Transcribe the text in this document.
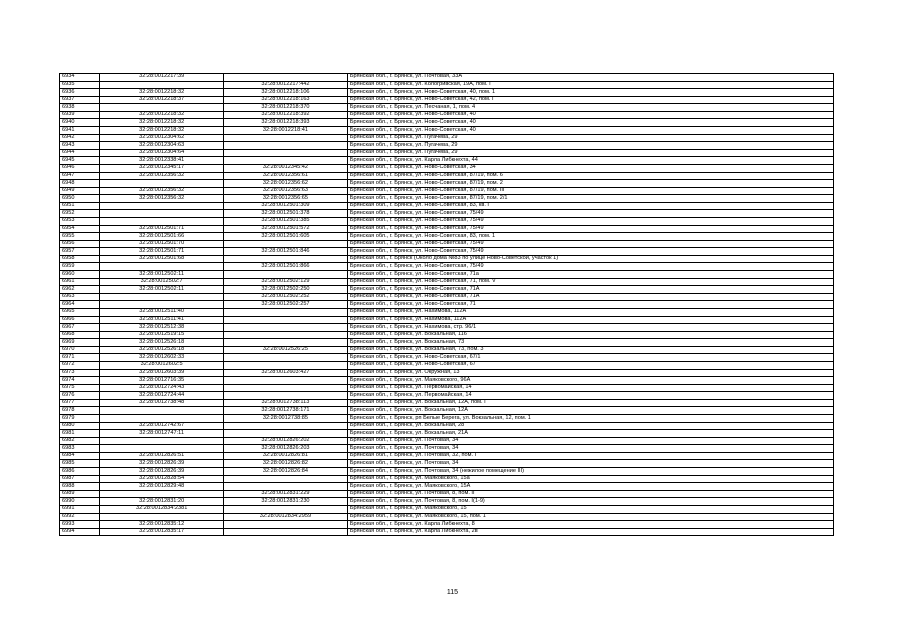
6934	32:28:0012217:39		Брянская обл., г. Брянск, ул. Почтовая, 33А
6935		32:28:0012217:442	Брянская обл., г. Брянск, ул. Кологривская, 19А, пом. I
6936	32:28:0012218:32	32:28:0012218:106	Брянская обл., г. Брянск, ул. Ново-Советская, 40, пом. 1
6937	32:28:0012218:37	32:28:0012218:163	Брянская обл., г. Брянск, ул. Ново-Советская, 42, пом. I
6938		32:28:0012218:370	Брянская обл., г. Брянск, ул. Песчаная, 1, пом. 4
6939	32:28:0012218:32	32:28:0012218:392	Брянская обл., г. Брянск, ул. Ново-Советская, 40
6940	32:28:0012218:32	32:28:0012218:393	Брянская обл., г. Брянск, ул. Ново-Советская, 40
6941	32:28:0012218:32	32:28:0012218:41	Брянская обл., г. Брянск, ул. Ново-Советская, 40
6942	32:28:0012304:62		Брянская обл., г. Брянск, ул. Пугачева, 29
6943	32:28:0012304:63		Брянская обл., г. Брянск, ул. Пугачева, 29
6944	32:28:0012304:64		Брянская обл., г. Брянск, ул. Пугачева, 29
6945	32:28:0012338:41		Брянская обл., г. Брянск, ул. Карла Либкнехта, 44
6946	32:28:0012345:17	32:28:0012345:42	Брянская обл., г. Брянск, ул. Ново-Советская, 34
6947	32:28:0012356:32	32:28:0012356:61	Брянская обл., г. Брянск, ул. Ново-Советская, 87/19, пом. 6
6948		32:28:0012356:62	Брянская обл., г. Брянск, ул. Ново-Советская, 87/19, пом. 2
6949	32:28:0012356:32	32:28:0012356:63	Брянская обл., г. Брянск, ул. Ново-Советская, 87/19, пом. III
6950	32:28:0012356:32	32:28:0012356:65	Брянская обл., г. Брянск, ул. Ново-Советская, 87/19, пом. 2/1
6951		32:28:0012501:309	Брянская обл., г. Брянск, ул. Ново-Советская, 83, кв. I
6952		32:28:0012501:378	Брянская обл., г. Брянск, ул. Ново-Советская, 75/49
6953		32:28:0012501:385	Брянская обл., г. Брянск, ул. Ново-Советская, 75/49
6954	32:28:0012501:71	32:28:0012501:572	Брянская обл., г. Брянск, ул. Ново-Советская, 75/49
6955	32:28:0012501:66	32:28:0012501:605	Брянская обл., г. Брянск, ул. Ново-Советская, 83, пом. 1
6956	32:28:0012501:70		Брянская обл., г. Брянск, ул. Ново-Советская, 75/49
6957	32:28:0012501:71	32:28:0012501:846	Брянская обл., г. Брянск, ул. Ново-Советская, 75/49
6958	32:28:0012501:68		Брянская обл., г. Брянск (Около дома №83 по улице Ново-Советской, участок 1)
6959		32:28:0012501:866	Брянская обл., г. Брянск, ул. Ново-Советская, 75/49
6960	32:28:0012502:11		Брянская обл., г. Брянск, ул. Ново-Советская, 71а
6961	32:28:0012502:7	32:28:0012502:129	Брянская обл., г. Брянск, ул. Ново-Советская, 71, пом. V
6962	32:28:0012502:11	32:28:0012502:250	Брянская обл., г. Брянск, ул. Ново-Советская, 71А
6963		32:28:0012502:252	Брянская обл., г. Брянск, ул. Ново-Советская, 71А
6964		32:28:0012502:257	Брянская обл., г. Брянск, ул. Ново-Советская, 71
6965	32:28:0012511:40		Брянская обл., г. Брянск, ул. Нахимова, 112А
6966	32:28:0012511:41		Брянская обл., г. Брянск, ул. Нахимова, 112А
6967	32:28:0012512:38		Брянская обл., г. Брянск, ул. Нахимова, стр. 96/1
6968	32:28:0012519:15		Брянская обл., г. Брянск, ул. Вокзальная, 116
6969	32:28:0012526:18		Брянская обл., г. Брянск, ул. Вокзальная, 73
6970	32:28:0012526:18	32:28:0012526:25	Брянская обл., г. Брянск, ул. Вокзальная, 73, пом. 3
6971	32:28:0012602:33		Брянская обл., г. Брянск, ул. Ново-Советская, 67/1
6972	32:28:0012602:5		Брянская обл., г. Брянск, ул. Ново-Советская, 67
6973	32:28:0012603:39	32:28:0012603:427	Брянская обл., г. Брянск, ул. Окружная, 13
6974	32:28:0012716:35		Брянская обл., г. Брянск, ул. Маяковского, 96А
6975	32:28:0012724:43		Брянская обл., г. Брянск, ул. Первомайская, 14
6976	32:28:0012724:44		Брянская обл., г. Брянск, ул. Первомайская, 14
6977	32:28:0012738:48	32:28:0012738:113	Брянская обл., г. Брянск, ул. Вокзальная, 12А, пом. I
6978		32:28:0012738:171	Брянская обл., г. Брянск, ул. Вокзальная, 12А
6979		32:28:0012738:85	Брянская обл., г. Брянск, рп Белые Берега, ул. Вокзальная, 12, пом. 1
6980	32:28:0012742:67		Брянская обл., г. Брянск, ул. Вокзальная, 28
6981	32:28:0012747:11		Брянская обл., г. Брянск, ул. Вокзальная, 21А
6982		32:28:0012826:202	Брянская обл., г. Брянск, ул. Почтовая, 34
6983		32:28:0012826:203	Брянская обл., г. Брянск, ул. Почтовая, 34
6984	32:28:0012826:51	32:28:0012826:81	Брянская обл., г. Брянск, ул. Почтовая, 32, пом. I
6985	32:28:0012826:39	32:28:0012826:82	Брянская обл., г. Брянск, ул. Почтовая, 34
6986	32:28:0012826:39	32:28:0012826:84	Брянская обл., г. Брянск, ул. Почтовая, 34 (нежилое помещение III)
6987	32:28:0012828:54		Брянская обл., г. Брянск, ул. Маяковского, 15а
6988	32:28:0012829:48		Брянская обл., г. Брянск, ул. Маяковского, 15А
6989		32:28:0012831:229	Брянская обл., г. Брянск, ул. Почтовая, 8, пом. II
6990	32:28:0012831:20	32:28:0012831:230	Брянская обл., г. Брянск, ул. Почтовая, 8, пом. I(1-9)
6991	32:28:0012834:2381		Брянская обл., г. Брянск, ул. Маяковского, 15
6992		32:28:0012834:2959	Брянская обл., г. Брянск, ул. Маяковского, 15, пом. 1
6993	32:28:0012835:12		Брянская обл., г. Брянск, ул. Карла Либкнехта, 8
6994	32:28:0012835:17		Брянская обл., г. Брянск, ул. Карла Либкнехта, 2в
115
